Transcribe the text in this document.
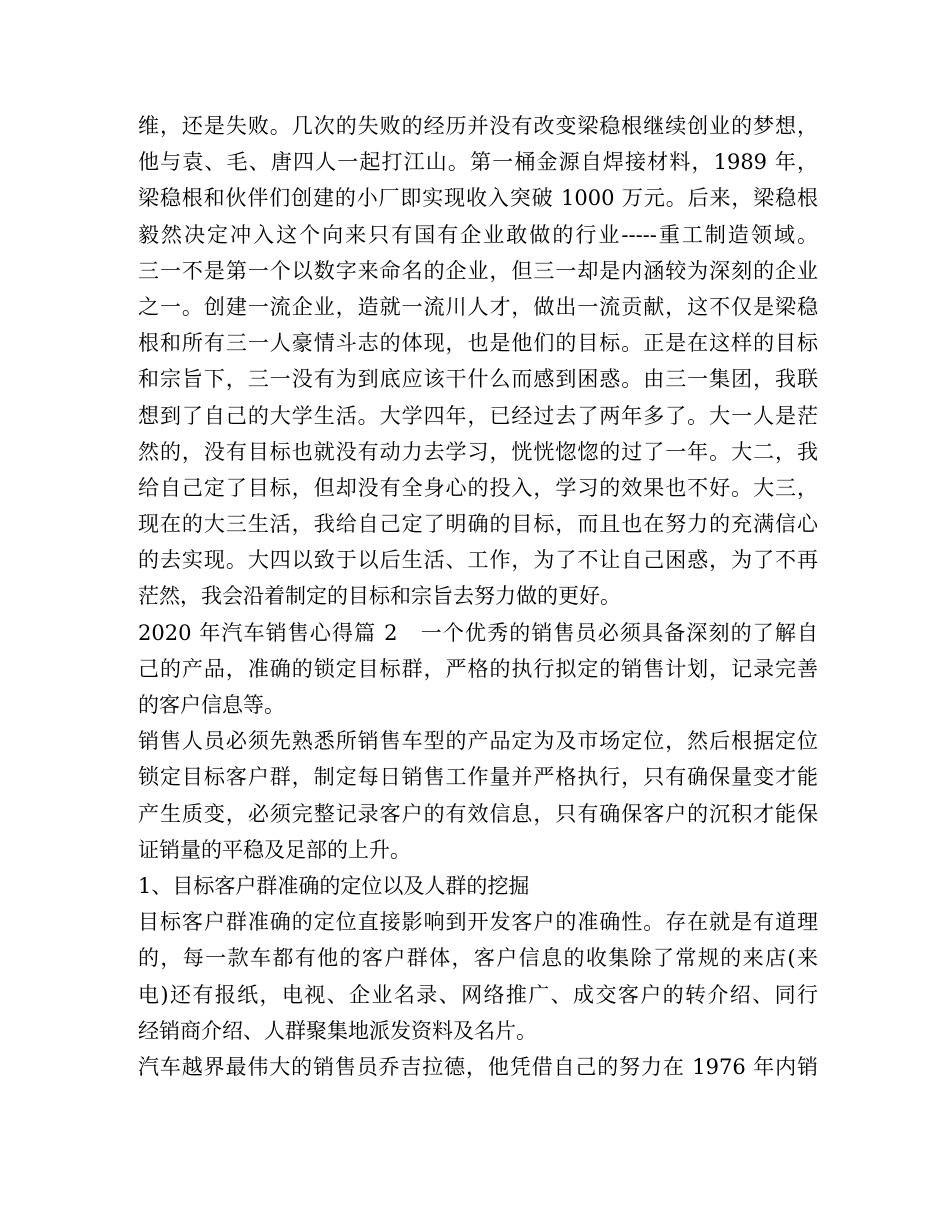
维，还是失败。几次的失败的经历并没有改变梁稳根继续创业的梦想，
他与袁、毛、唐四人一起打江山。第一桶金源自焊接材料，1989 年，
梁稳根和伙伴们创建的小厂即实现收入突破 1000 万元。后来，梁稳根
毅然决定冲入这个向来只有国有企业敢做的行业-----重工制造领域。
三一不是第一个以数字来命名的企业，但三一却是内涵较为深刻的企业
之一。创建一流企业，造就一流川人才，做出一流贡献，这不仅是梁稳
根和所有三一人豪情斗志的体现，也是他们的目标。正是在这样的目标
和宗旨下，三一没有为到底应该干什么而感到困惑。由三一集团，我联
想到了自己的大学生活。大学四年，已经过去了两年多了。大一人是茫
然的，没有目标也就没有动力去学习，恍恍惚惚的过了一年。大二，我
给自己定了目标，但却没有全身心的投入，学习的效果也不好。大三，
现在的大三生活，我给自己定了明确的目标，而且也在努力的充满信心
的去实现。大四以致于以后生活、工作，为了不让自己困惑，为了不再
茫然，我会沿着制定的目标和宗旨去努力做的更好。
2020 年汽车销售心得篇 2　一个优秀的销售员必须具备深刻的了解自
己的产品，准确的锁定目标群，严格的执行拟定的销售计划，记录完善
的客户信息等。
销售人员必须先熟悉所销售车型的产品定为及市场定位，然后根据定位
锁定目标客户群，制定每日销售工作量并严格执行，只有确保量变才能
产生质变，必须完整记录客户的有效信息，只有确保客户的沉积才能保
证销量的平稳及足部的上升。
1、目标客户群准确的定位以及人群的挖掘
目标客户群准确的定位直接影响到开发客户的准确性。存在就是有道理
的，每一款车都有他的客户群体，客户信息的收集除了常规的来店(来
电)还有报纸，电视、企业名录、网络推广、成交客户的转介绍、同行
经销商介绍、人群聚集地派发资料及名片。
汽车越界最伟大的销售员乔吉拉德，他凭借自己的努力在 1976 年内销
